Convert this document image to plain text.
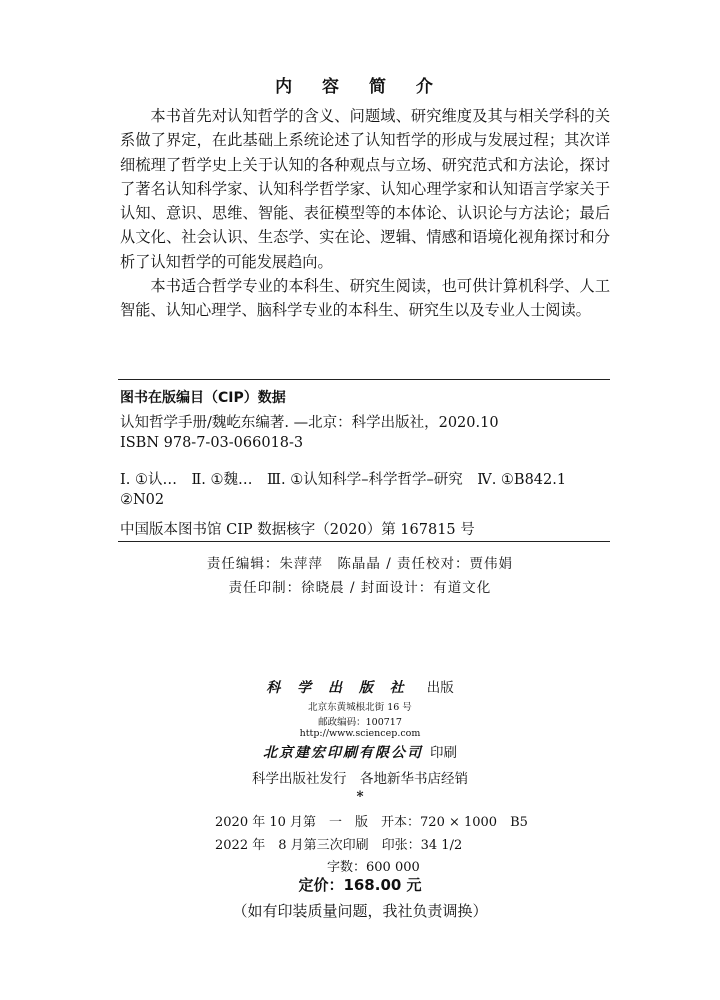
内 容 简 介

本书首先对认知哲学的含义、问题域、研究维度及其与相关学科的关系做了界定，在此基础上系统论述了认知哲学的形成与发展过程；其次详细梳理了哲学史上关于认知的各种观点与立场、研究范式和方法论，探讨了著名认知科学家、认知科学哲学家、认知心理学家和认知语言学家关于认知、意识、思维、智能、表征模型等的本体论、认识论与方法论；最后从文化、社会认识、生态学、实在论、逻辑、情感和语境化视角探讨和分析了认知哲学的可能发展趋向。

本书适合哲学专业的本科生、研究生阅读，也可供计算机科学、人工智能、认知心理学、脑科学专业的本科生、研究生以及专业人士阅读。

图书在版编目（CIP）数据
认知哲学手册/魏屹东编著. —北京：科学出版社，2020.10
ISBN 978-7-03-066018-3
Ⅰ. ①认…　Ⅱ. ①魏…　Ⅲ. ①认知科学–科学哲学–研究　Ⅳ. ①B842.1
②N02
中国版本图书馆 CIP 数据核字（2020）第 167815 号
责任编辑：朱萍萍　陈晶晶 / 责任校对：贾伟娟
责任印制：徐晓晨 / 封面设计：有道文化
科 学 出 版 社 出版
北京东黄城根北街 16 号
邮政编码：100717
http://www.sciencep.com
北京建宏印刷有限公司 印刷
科学出版社发行　各地新华书店经销
*
2020 年 10 月第　一　版　开本：720 × 1000　B5
2022 年　8 月第三次印刷　印张：34 1/2
字数：600 000
定价：168.00 元
（如有印装质量问题，我社负责调换）
